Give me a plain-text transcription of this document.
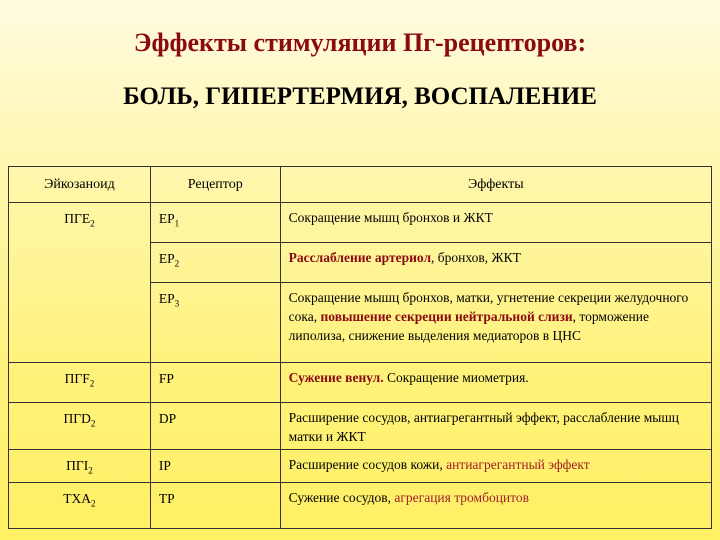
Эффекты стимуляции Пг-рецепторов:
БОЛЬ, ГИПЕРТЕРМИЯ, ВОСПАЛЕНИЕ
Эйкозаноид	Рецептор	Эффекты
$ПГЕ_2$	$EP_1$	Сокращение мышц бронхов и ЖКТ
	$EP_2$	Расслабление артериол, бронхов, ЖКТ
	$EP_3$	Сокращение мышц бронхов, матки, угнетение секреции желудочного сока, повышение секреции нейтральной слизи, торможение липолиза, снижение выделения медиаторов в ЦНС
$ПГF_2$	FP	Сужение венул. Сокращение миометрия.
$ПГD_2$	DP	Расширение сосудов, антиагрегантный эффект, расслабление мышц матки и ЖКТ
$ПГI_2$	IP	Расширение сосудов кожи, антиагрегантный эффект
$ТХА_2$	TP	Сужение сосудов, агрегация тромбоцитов
